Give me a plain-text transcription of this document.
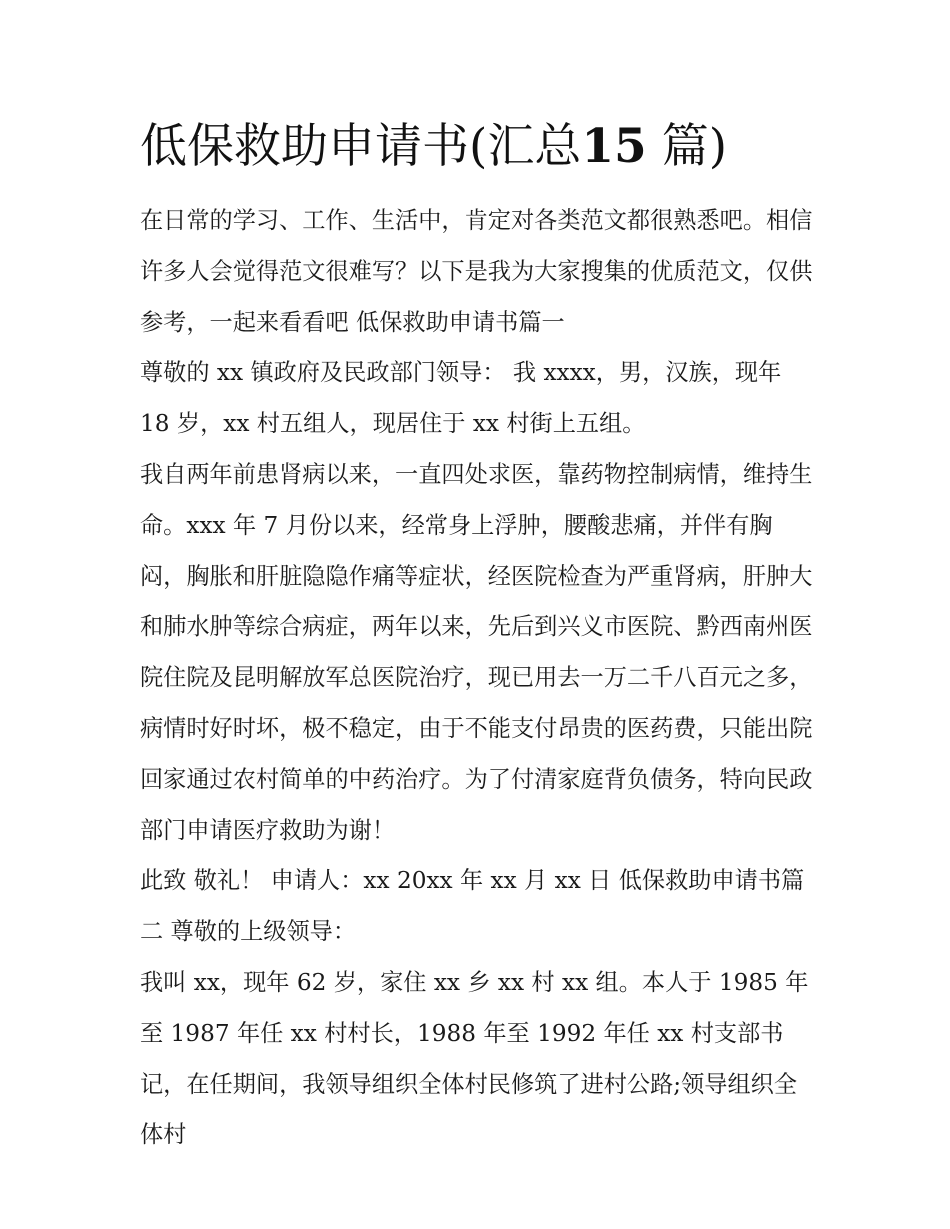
低保救助申请书(汇总15 篇)

在日常的学习、工作、生活中，肯定对各类范文都很熟悉吧。相信许多人会觉得范文很难写？以下是我为大家搜集的优质范文，仅供参考，一起来看看吧 低保救助申请书篇一

尊敬的 xx 镇政府及民政部门领导： 我 xxxx，男，汉族，现年 18 岁，xx 村五组人，现居住于 xx 村街上五组。

我自两年前患肾病以来，一直四处求医，靠药物控制病情，维持生命。xxx 年 7 月份以来，经常身上浮肿，腰酸悲痛，并伴有胸闷，胸胀和肝脏隐隐作痛等症状，经医院检查为严重肾病，肝肿大和肺水肿等综合病症，两年以来，先后到兴义市医院、黔西南州医院住院及昆明解放军总医院治疗，现已用去一万二千八百元之多，病情时好时坏，极不稳定，由于不能支付昂贵的医药费，只能出院回家通过农村简单的中药治疗。为了付清家庭背负债务，特向民政部门申请医疗救助为谢！

此致 敬礼！ 申请人：xx 20xx 年 xx 月 xx 日 低保救助申请书篇二 尊敬的上级领导：

我叫 xx，现年 62 岁，家住 xx 乡 xx 村 xx 组。本人于 1985 年至 1987 年任 xx 村村长，1988 年至 1992 年任 xx 村支部书记，在任期间，我领导组织全体村民修筑了进村公路;领导组织全体村
